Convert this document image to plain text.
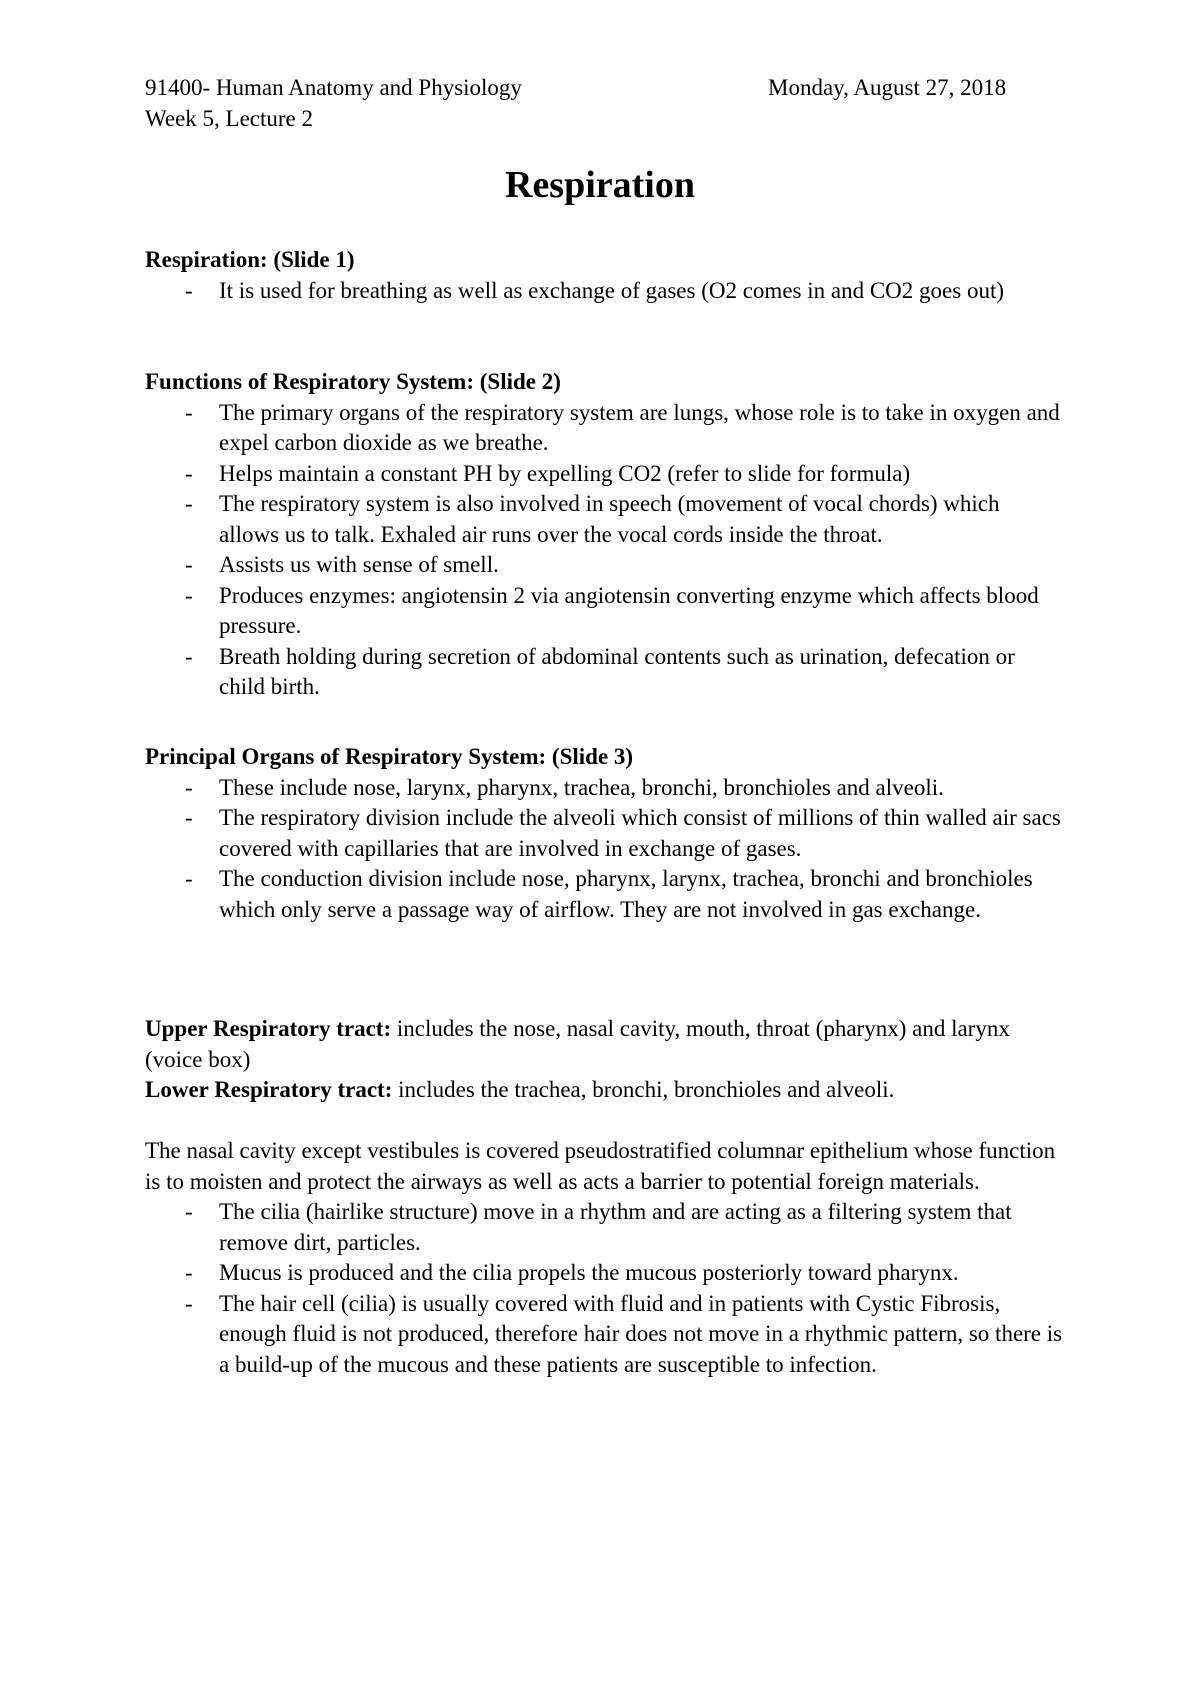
91400- Human Anatomy and Physiology
Week 5, Lecture 2
Monday, August 27, 2018
Respiration
Respiration: (Slide 1)
- It is used for breathing as well as exchange of gases (O2 comes in and CO2 goes out)
Functions of Respiratory System: (Slide 2)
- The primary organs of the respiratory system are lungs, whose role is to take in oxygen and expel carbon dioxide as we breathe.
- Helps maintain a constant PH by expelling CO2 (refer to slide for formula)
- The respiratory system is also involved in speech (movement of vocal chords) which allows us to talk. Exhaled air runs over the vocal cords inside the throat.
- Assists us with sense of smell.
- Produces enzymes: angiotensin 2 via angiotensin converting enzyme which affects blood pressure.
- Breath holding during secretion of abdominal contents such as urination, defecation or child birth.
Principal Organs of Respiratory System: (Slide 3)
- These include nose, larynx, pharynx, trachea, bronchi, bronchioles and alveoli.
- The respiratory division include the alveoli which consist of millions of thin walled air sacs covered with capillaries that are involved in exchange of gases.
- The conduction division include nose, pharynx, larynx, trachea, bronchi and bronchioles which only serve a passage way of airflow. They are not involved in gas exchange.

Upper Respiratory tract: includes the nose, nasal cavity, mouth, throat (pharynx) and larynx (voice box)

Lower Respiratory tract: includes the trachea, bronchi, bronchioles and alveoli.

The nasal cavity except vestibules is covered pseudostratified columnar epithelium whose function is to moisten and protect the airways as well as acts a barrier to potential foreign materials.

- The cilia (hairlike structure) move in a rhythm and are acting as a filtering system that remove dirt, particles.
- Mucus is produced and the cilia propels the mucous posteriorly toward pharynx.
- The hair cell (cilia) is usually covered with fluid and in patients with Cystic Fibrosis, enough fluid is not produced, therefore hair does not move in a rhythmic pattern, so there is a build-up of the mucous and these patients are susceptible to infection.
